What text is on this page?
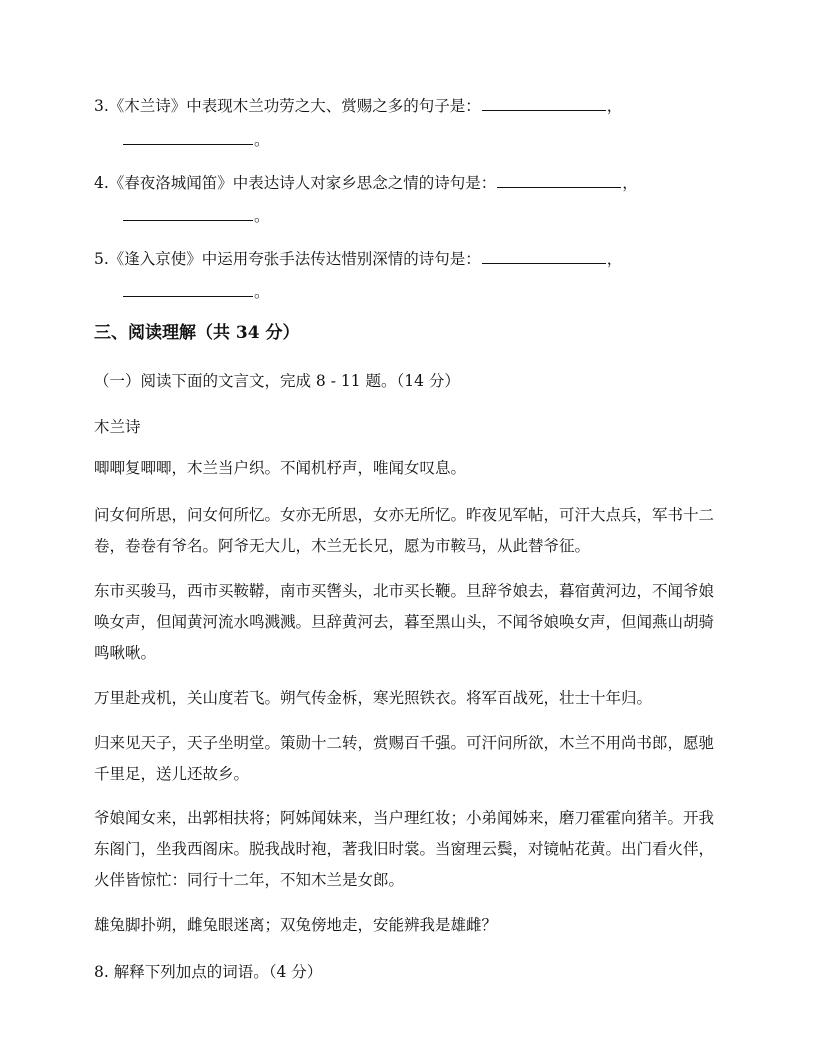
3.《木兰诗》中表现木兰功劳之大、赏赐之多的句子是：	，
。
4.《春夜洛城闻笛》中表达诗人对家乡思念之情的诗句是：	，
。
5.《逢入京使》中运用夸张手法传达惜别深情的诗句是：	，
。
三、阅读理解（共 34 分）
（一）阅读下面的文言文，完成 8 - 11 题。（14 分）
木兰诗
唧唧复唧唧，木兰当户织。不闻机杼声，唯闻女叹息。
问女何所思，问女何所忆。女亦无所思，女亦无所忆。昨夜见军帖，可汗大点兵，军书十二卷，卷卷有爷名。阿爷无大儿，木兰无长兄，愿为市鞍马，从此替爷征。
东市买骏马，西市买鞍鞯，南市买辔头，北市买长鞭。旦辞爷娘去，暮宿黄河边，不闻爷娘唤女声，但闻黄河流水鸣溅溅。旦辞黄河去，暮至黑山头，不闻爷娘唤女声，但闻燕山胡骑鸣啾啾。
万里赴戎机，关山度若飞。朔气传金柝，寒光照铁衣。将军百战死，壮士十年归。
归来见天子，天子坐明堂。策勋十二转，赏赐百千强。可汗问所欲，木兰不用尚书郎，愿驰千里足，送儿还故乡。
爷娘闻女来，出郭相扶将；阿姊闻妹来，当户理红妆；小弟闻姊来，磨刀霍霍向猪羊。开我东阁门，坐我西阁床。脱我战时袍，著我旧时裳。当窗理云鬓，对镜帖花黄。出门看火伴，火伴皆惊忙：同行十二年，不知木兰是女郎。
雄兔脚扑朔，雌兔眼迷离；双兔傍地走，安能辨我是雄雌？
8. 解释下列加点的词语。（4 分）
